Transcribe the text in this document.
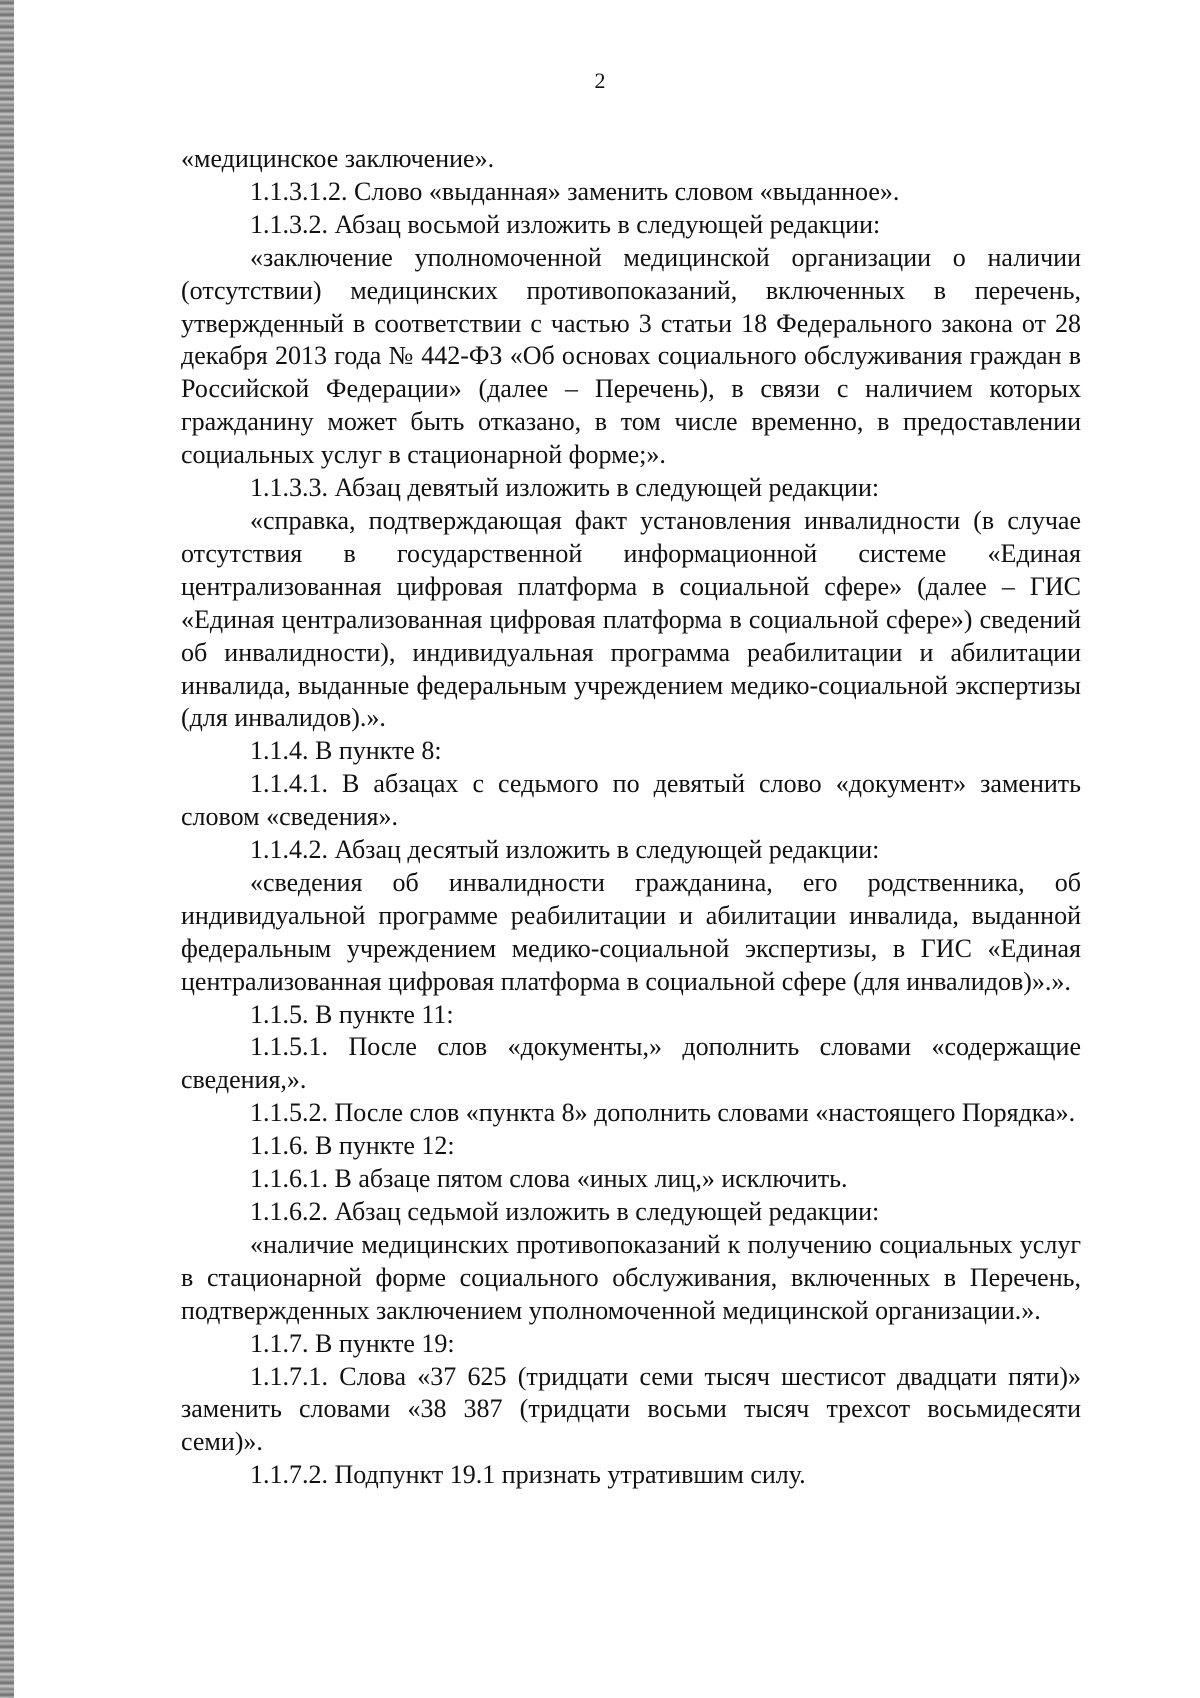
2

«медицинское заключение».

1.1.3.1.2. Слово «выданная» заменить словом «выданное».

1.1.3.2. Абзац восьмой изложить в следующей редакции:

«заключение уполномоченной медицинской организации о наличии (отсутствии) медицинских противопоказаний, включенных в перечень, утвержденный в соответствии с частью 3 статьи 18 Федерального закона от 28 декабря 2013 года № 442-ФЗ «Об основах социального обслуживания граждан в Российской Федерации» (далее – Перечень), в связи с наличием которых гражданину может быть отказано, в том числе временно, в предоставлении социальных услуг в стационарной форме;».

1.1.3.3. Абзац девятый изложить в следующей редакции:

«справка, подтверждающая факт установления инвалидности (в случае отсутствия в государственной информационной системе «Единая централизованная цифровая платформа в социальной сфере» (далее – ГИС «Единая централизованная цифровая платформа в социальной сфере») сведений об инвалидности), индивидуальная программа реабилитации и абилитации инвалида, выданные федеральным учреждением медико-социальной экспертизы (для инвалидов).».

1.1.4. В пункте 8:

1.1.4.1. В абзацах с седьмого по девятый слово «документ» заменить словом «сведения».

1.1.4.2. Абзац десятый изложить в следующей редакции:

«сведения об инвалидности гражданина, его родственника, об индивидуальной программе реабилитации и абилитации инвалида, выданной федеральным учреждением медико-социальной экспертизы, в ГИС «Единая централизованная цифровая платформа в социальной сфере (для инвалидов)».».

1.1.5. В пункте 11:

1.1.5.1. После слов «документы,» дополнить словами «содержащие сведения,».

1.1.5.2. После слов «пункта 8» дополнить словами «настоящего Порядка».

1.1.6. В пункте 12:

1.1.6.1. В абзаце пятом слова «иных лиц,» исключить.

1.1.6.2. Абзац седьмой изложить в следующей редакции:

«наличие медицинских противопоказаний к получению социальных услуг в стационарной форме социального обслуживания, включенных в Перечень, подтвержденных заключением уполномоченной медицинской организации.».

1.1.7. В пункте 19:

1.1.7.1. Слова «37 625 (тридцати семи тысяч шестисот двадцати пяти)» заменить словами «38 387 (тридцати восьми тысяч трехсот восьмидесяти семи)».

1.1.7.2. Подпункт 19.1 признать утратившим силу.
